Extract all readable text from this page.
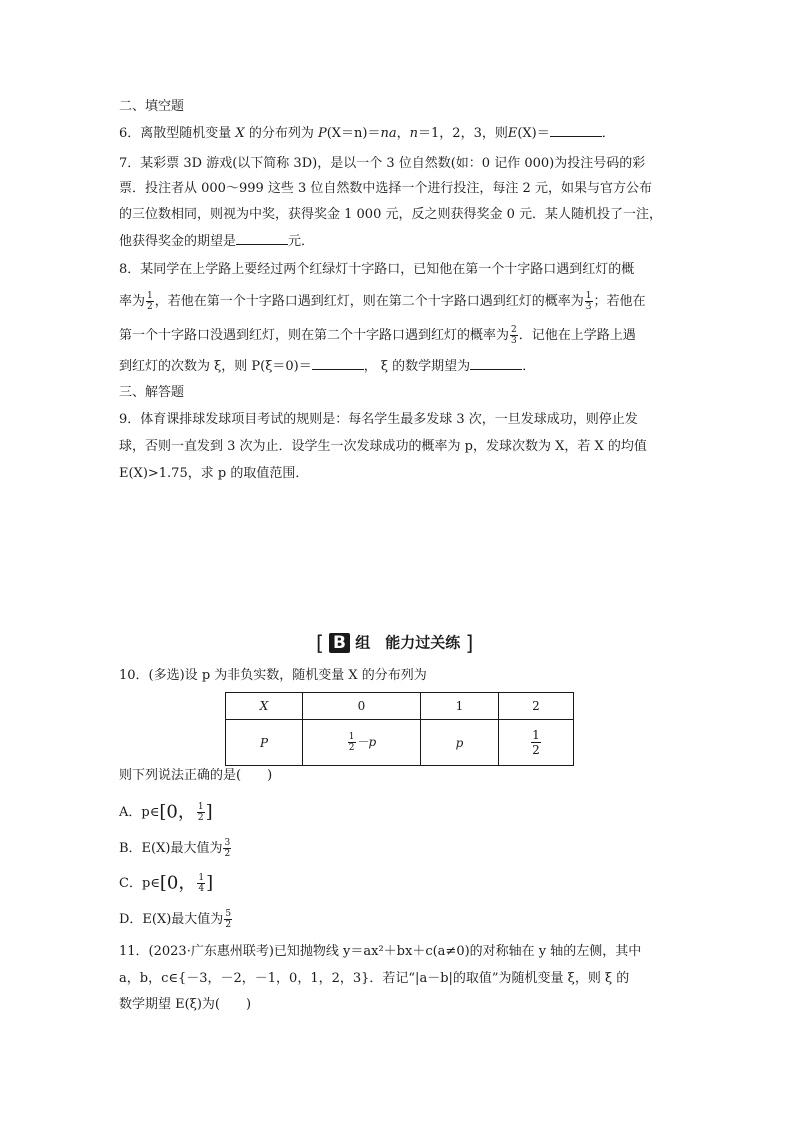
二、填空题
6．离散型随机变量 X 的分布列为 P(X＝n)＝na，n＝1，2，3，则E(X)＝	．
7．某彩票 3D 游戏(以下简称 3D)，是以一个 3 位自然数(如：0 记作 000)为投注号码的彩
票．投注者从 000～999 这些 3 位自然数中选择一个进行投注，每注 2 元，如果与官方公布
的三位数相同，则视为中奖，获得奖金 1 000 元，反之则获得奖金 0 元．某人随机投了一注，
他获得奖金的期望是	元．
8．某同学在上学路上要经过两个红绿灯十字路口，已知他在第一个十字路口遇到红灯的概
率为 $\frac{1}{2}$ ，若他在第一个十字路口遇到红灯，则在第二个十字路口遇到红灯的概率为 $\frac{1}{3}$ ；若他在
第一个十字路口没遇到红灯，则在第二个十字路口遇到红灯的概率为 $\frac{2}{3}$ ．记他在上学路上遇
到红灯的次数为 ξ，则 P(ξ＝0)＝	， ξ 的数学期望为	．
三、解答题
9．体育课排球发球项目考试的规则是：每名学生最多发球 3 次，一旦发球成功，则停止发
球，否则一直发到 3 次为止．设学生一次发球成功的概率为 p，发球次数为 X，若 X 的均值
E(X)>1.75，求 p 的取值范围．
[ B 组　能力过关练 ]
10．(多选)设 p 为非负实数，随机变量 X 的分布列为
X	0	1	2
P	$\frac{1}{2} -p$	p	$\frac{1}{2}$
则下列说法正确的是(　　)
A．p∈[0， $\frac{1}{2}$ ]
B．E(X)最大值为 $\frac{3}{2}$
C．p∈[0， $\frac{1}{4}$ ]
D．E(X)最大值为 $\frac{5}{2}$
11．(2023·广东惠州联考)已知抛物线 y＝ax²＋bx＋c(a≠0)的对称轴在 y 轴的左侧，其中
a，b，c∈{－3，－2，－1，0，1，2，3}．若记“|a－b|的取值”为随机变量 ξ，则 ξ 的
数学期望 E(ξ)为(　　)
